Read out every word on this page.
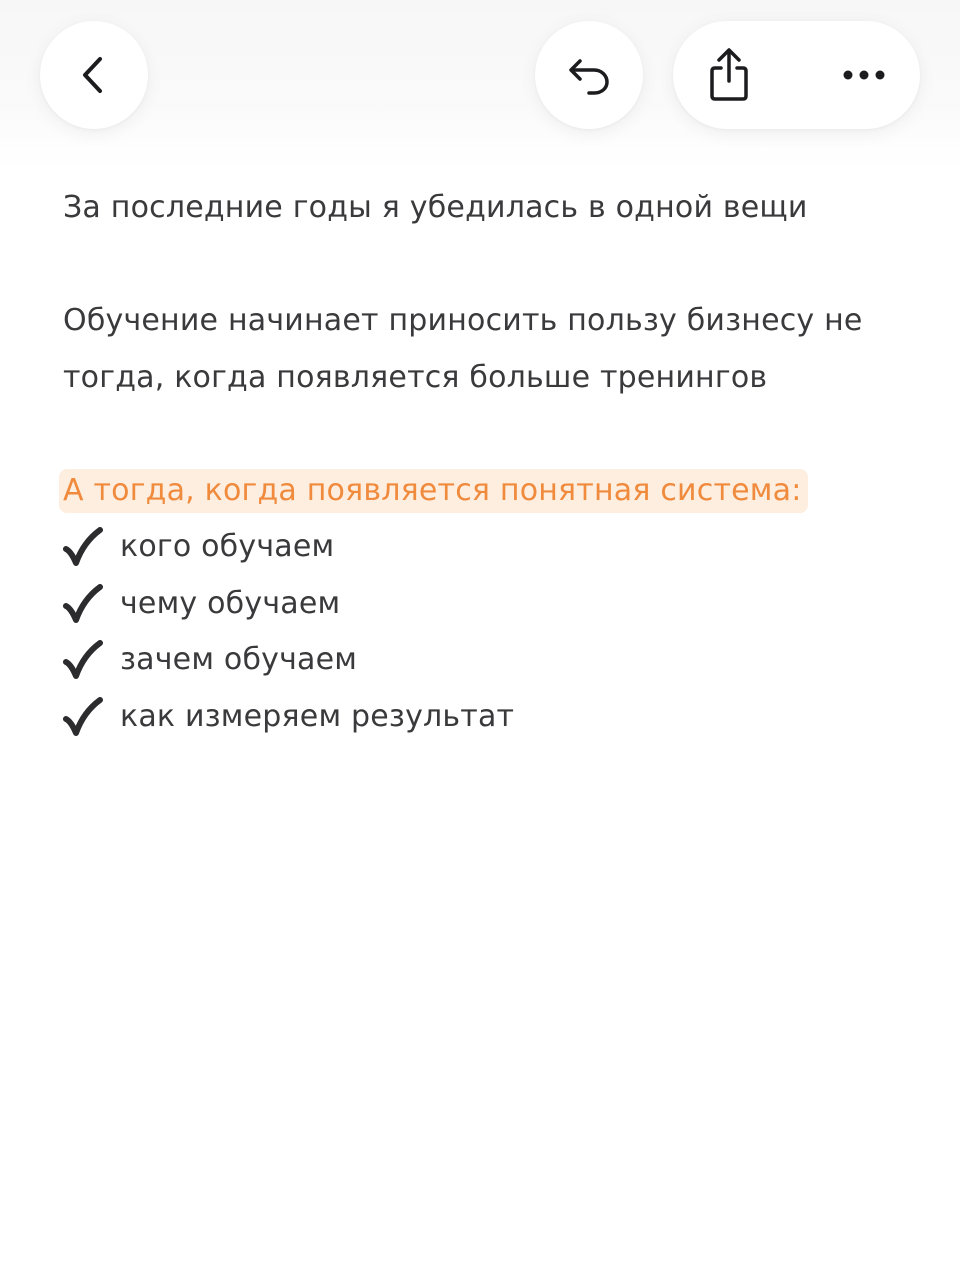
За последние годы я убедилась в одной вещи

Обучение начинает приносить пользу бизнесу не

тогда, когда появляется больше тренингов

А тогда, когда появляется понятная система:
кого обучаем
чему обучаем
зачем обучаем
как измеряем результат
